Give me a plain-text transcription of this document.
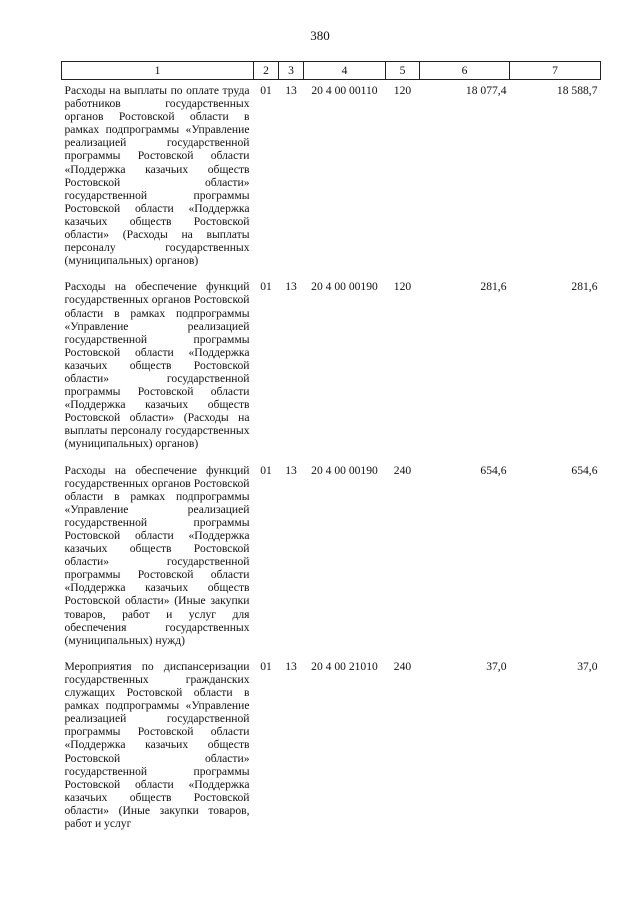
380
1	2	3	4	5	6	7
Расходы на выплаты по оплате труда работников государственных органов Ростовской области в рамках подпрограммы «Управление реализацией государственной программы Ростовской области «Поддержка казачьих обществ Ростовской области» государственной программы Ростовской области «Поддержка казачьих обществ Ростовской области» (Расходы на выплаты персоналу государственных (муниципальных) органов)	01	13	20 4 00 00110	120	18 077,4	18 588,7
Расходы на обеспечение функций государственных органов Ростовской области в рамках подпрограммы «Управление реализацией государственной программы Ростовской области «Поддержка казачьих обществ Ростовской области» государственной программы Ростовской области «Поддержка казачьих обществ Ростовской области» (Расходы на выплаты персоналу государственных (муниципальных) органов)	01	13	20 4 00 00190	120	281,6	281,6
Расходы на обеспечение функций государственных органов Ростовской области в рамках подпрограммы «Управление реализацией государственной программы Ростовской области «Поддержка казачьих обществ Ростовской области» государственной программы Ростовской области «Поддержка казачьих обществ Ростовской области» (Иные закупки товаров, работ и услуг для обеспечения государственных (муниципальных) нужд)	01	13	20 4 00 00190	240	654,6	654,6
Мероприятия по диспансеризации государственных гражданских служащих Ростовской области в рамках подпрограммы «Управление реализацией государственной программы Ростовской области «Поддержка казачьих обществ Ростовской области» государственной программы Ростовской области «Поддержка казачьих обществ Ростовской области» (Иные закупки товаров, работ и услуг	01	13	20 4 00 21010	240	37,0	37,0
